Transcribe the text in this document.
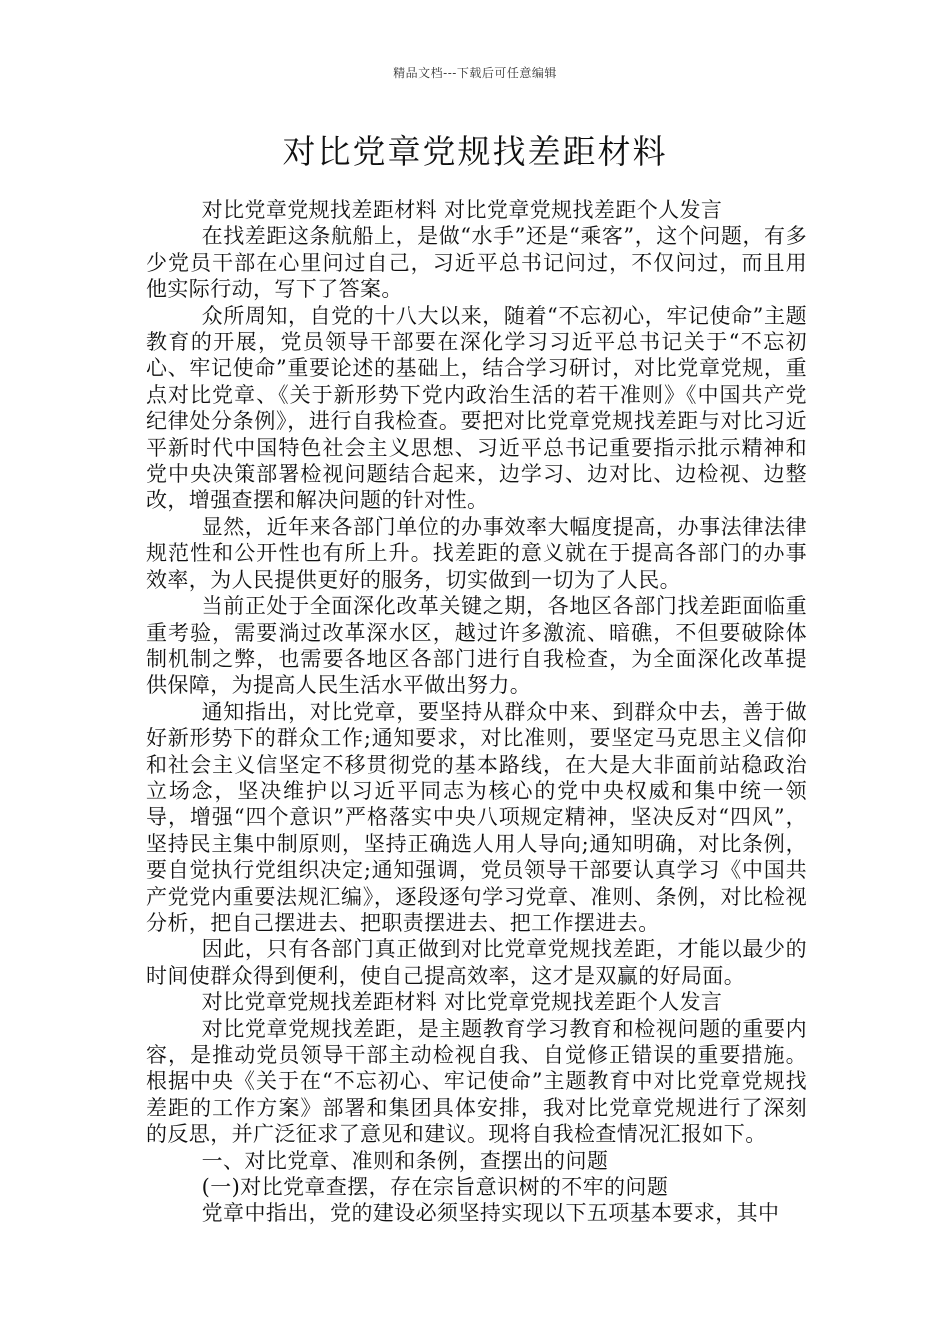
精品文档---下载后可任意编辑
对比党章党规找差距材料

对比党章党规找差距材料 对比党章党规找差距个人发言

在找差距这条航船上，是做“水手”还是“乘客”，这个问题，有多少党员干部在心里问过自己，习近平总书记问过，不仅问过，而且用他实际行动，写下了答案。

众所周知，自党的十八大以来，随着“不忘初心，牢记使命”主题教育的开展，党员领导干部要在深化学习习近平总书记关于“不忘初心、牢记使命”重要论述的基础上，结合学习研讨，对比党章党规，重点对比党章、《关于新形势下党内政治生活的若干准则》《中国共产党纪律处分条例》，进行自我检查。要把对比党章党规找差距与对比习近平新时代中国特色社会主义思想、习近平总书记重要指示批示精神和党中央决策部署检视问题结合起来，边学习、边对比、边检视、边整改，增强查摆和解决问题的针对性。

显然，近年来各部门单位的办事效率大幅度提高，办事法律法律规范性和公开性也有所上升。找差距的意义就在于提高各部门的办事效率，为人民提供更好的服务，切实做到一切为了人民。

当前正处于全面深化改革关键之期，各地区各部门找差距面临重重考验，需要淌过改革深水区，越过许多激流、暗礁，不但要破除体制机制之弊，也需要各地区各部门进行自我检查，为全面深化改革提供保障，为提高人民生活水平做出努力。

通知指出，对比党章，要坚持从群众中来、到群众中去，善于做好新形势下的群众工作;通知要求，对比准则，要坚定马克思主义信仰和社会主义信坚定不移贯彻党的基本路线，在大是大非面前站稳政治立场念，坚决维护以习近平同志为核心的党中央权威和集中统一领导，增强“四个意识”严格落实中央八项规定精神，坚决反对“四风”，坚持民主集中制原则，坚持正确选人用人导向;通知明确，对比条例，要自觉执行党组织决定;通知强调，党员领导干部要认真学习《中国共产党党内重要法规汇编》，逐段逐句学习党章、准则、条例，对比检视分析，把自己摆进去、把职责摆进去、把工作摆进去。

因此，只有各部门真正做到对比党章党规找差距，才能以最少的时间使群众得到便利，使自己提高效率，这才是双赢的好局面。

对比党章党规找差距材料 对比党章党规找差距个人发言

对比党章党规找差距，是主题教育学习教育和检视问题的重要内容，是推动党员领导干部主动检视自我、自觉修正错误的重要措施。根据中央《关于在“不忘初心、牢记使命”主题教育中对比党章党规找差距的工作方案》部署和集团具体安排，我对比党章党规进行了深刻的反思，并广泛征求了意见和建议。现将自我检查情况汇报如下。

一、对比党章、准则和条例，查摆出的问题

(一)对比党章查摆，存在宗旨意识树的不牢的问题

党章中指出，党的建设必须坚持实现以下五项基本要求，其中
